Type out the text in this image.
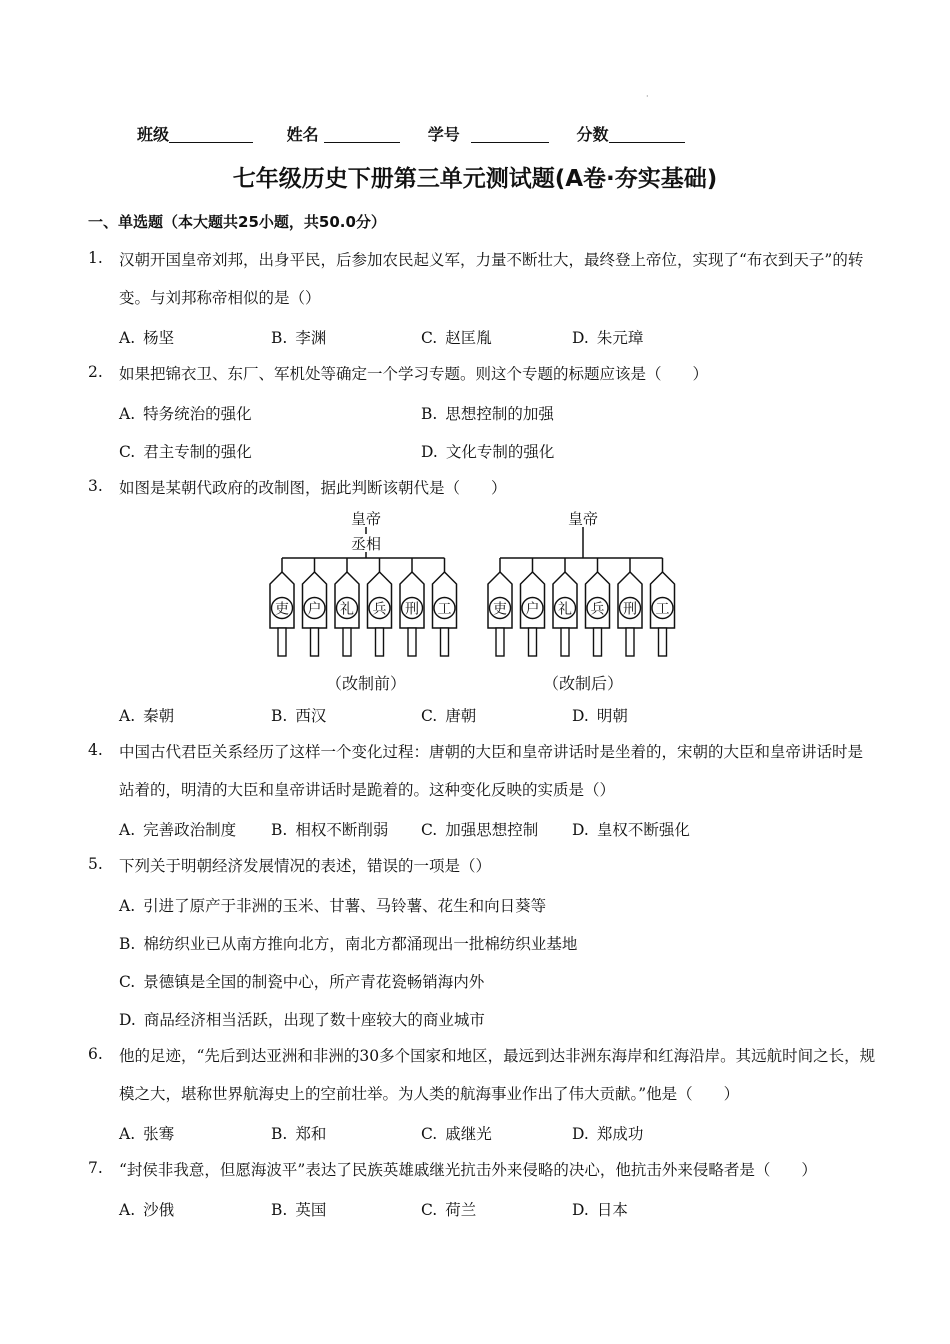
·
班级	姓名	学号	分数
七年级历史下册第三单元测试题(A卷·夯实基础)
一、单选题（本大题共25小题，共50.0分）
1. 汉朝开国皇帝刘邦，出身平民，后参加农民起义军，力量不断壮大，最终登上帝位，实现了“布衣到天子”的转变。与刘邦称帝相似的是（）
A. 杨坚	B. 李渊	C. 赵匡胤	D. 朱元璋
2. 如果把锦衣卫、东厂、军机处等确定一个学习专题。则这个专题的标题应该是（　　）
A. 特务统治的强化	B. 思想控制的加强
C. 君主专制的强化	D. 文化专制的强化
3. 如图是某朝代政府的改制图，据此判断该朝代是（　　）
皇帝
丞相
（改制前）
吏 户 礼 兵 刑 工
皇帝
（改制后）
吏 户 礼 兵 刑 工
A. 秦朝	B. 西汉	C. 唐朝	D. 明朝
4. 中国古代君臣关系经历了这样一个变化过程：唐朝的大臣和皇帝讲话时是坐着的，宋朝的大臣和皇帝讲话时是站着的，明清的大臣和皇帝讲话时是跪着的。这种变化反映的实质是（）
A. 完善政治制度 B. 相权不断削弱 C. 加强思想控制 D. 皇权不断强化
5. 下列关于明朝经济发展情况的表述，错误的一项是（）
A. 引进了原产于非洲的玉米、甘薯、马铃薯、花生和向日葵等
B. 棉纺织业已从南方推向北方，南北方都涌现出一批棉纺织业基地
C. 景德镇是全国的制瓷中心，所产青花瓷畅销海内外
D. 商品经济相当活跃，出现了数十座较大的商业城市
6. 他的足迹，“先后到达亚洲和非洲的30多个国家和地区，最远到达非洲东海岸和红海沿岸。其远航时间之长，规模之大，堪称世界航海史上的空前壮举。为人类的航海事业作出了伟大贡献。”他是（　　）
A. 张骞	B. 郑和	C. 戚继光	D. 郑成功
7. “封侯非我意，但愿海波平”表达了民族英雄戚继光抗击外来侵略的决心，他抗击外来侵略者是（　　）
A. 沙俄	B. 英国	C. 荷兰	D. 日本
